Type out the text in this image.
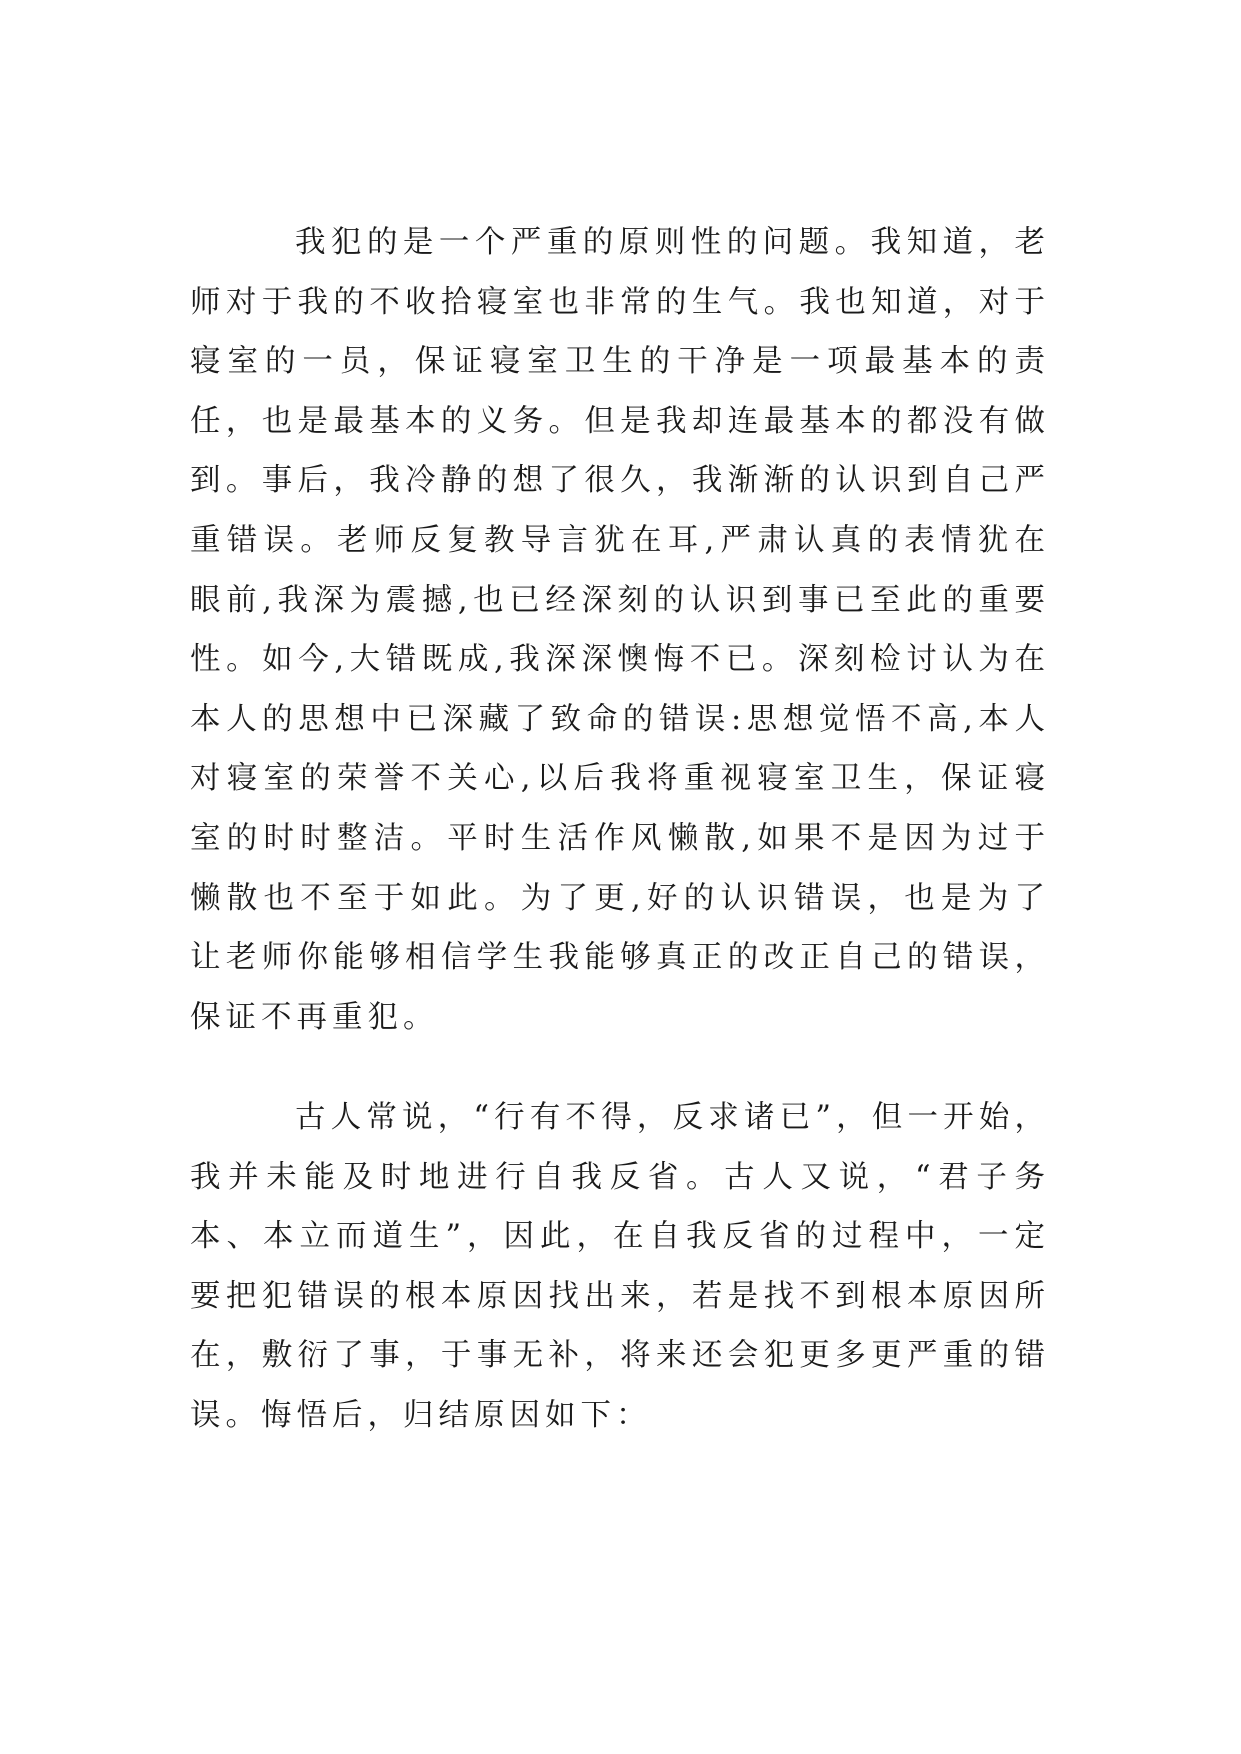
我犯的是一个严重的原则性的问题。我知道，老师对于我的不收拾寝室也非常的生气。我也知道，对于寝室的一员，保证寝室卫生的干净是一项最基本的责任，也是最基本的义务。但是我却连最基本的都没有做到。事后，我冷静的想了很久，我渐渐的认识到自己严重错误。老师反复教导言犹在耳,严肃认真的表情犹在眼前,我深为震撼,也已经深刻的认识到事已至此的重要性。如今,大错既成,我深深懊悔不已。深刻检讨认为在本人的思想中已深藏了致命的错误:思想觉悟不高,本人对寝室的荣誉不关心,以后我将重视寝室卫生，保证寝室的时时整洁。平时生活作风懒散,如果不是因为过于懒散也不至于如此。为了更,好的认识错误，也是为了让老师你能够相信学生我能够真正的改正自己的错误，保证不再重犯。

古人常说，“行有不得，反求诸已”，但一开始，我并未能及时地进行自我反省。古人又说，“君子务本、本立而道生”，因此，在自我反省的过程中，一定要把犯错误的根本原因找出来，若是找不到根本原因所在，敷衍了事，于事无补，将来还会犯更多更严重的错误。悔悟后，归结原因如下：
